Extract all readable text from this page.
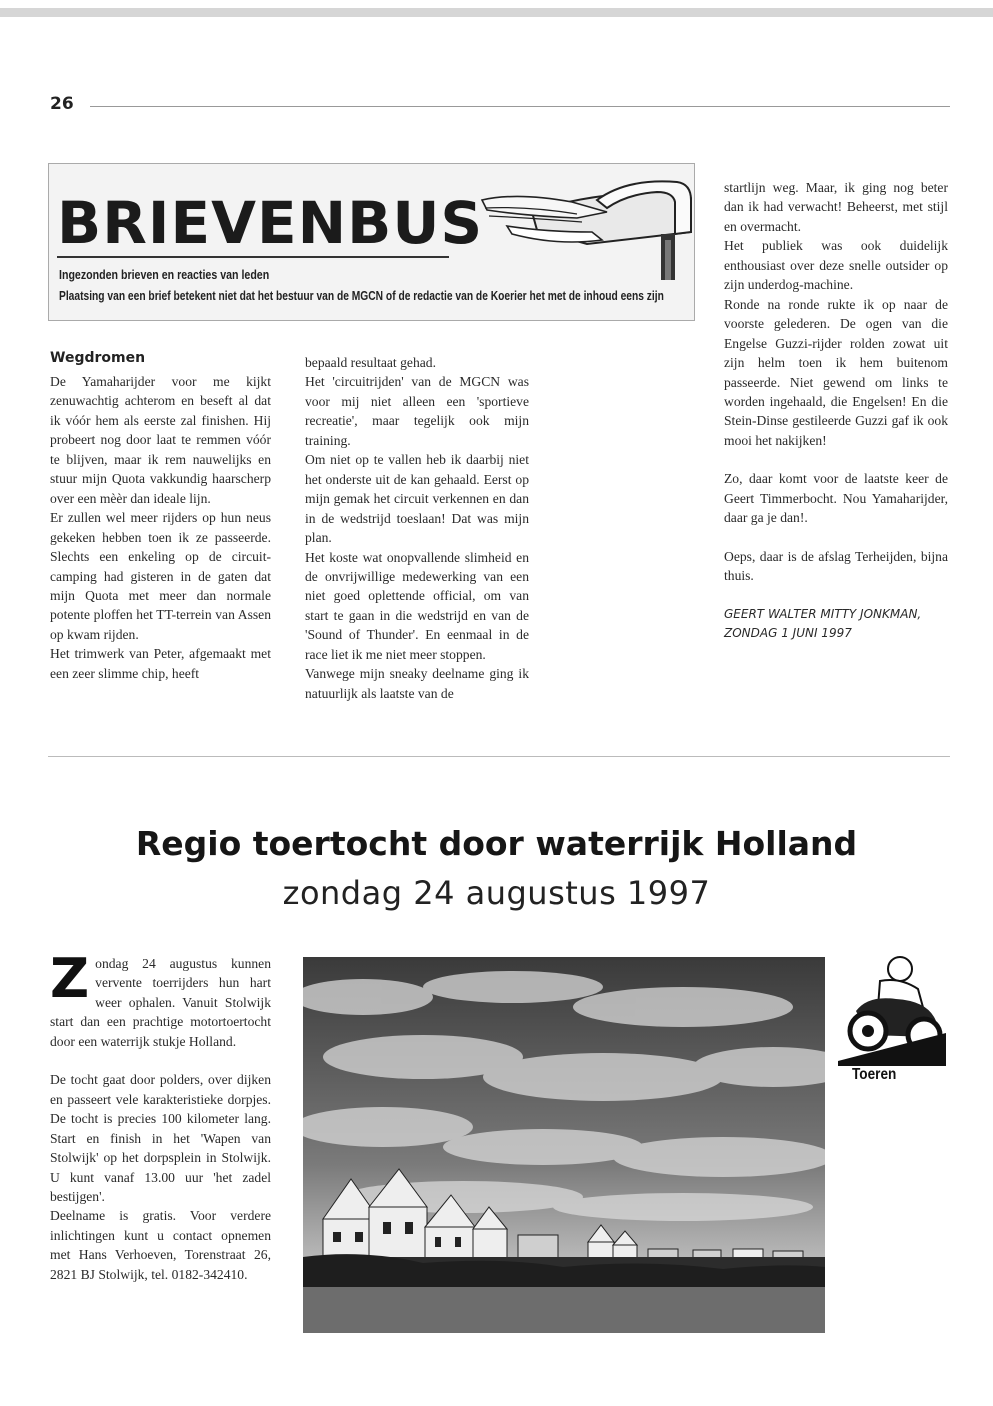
26
BRIEVENBUS
Ingezonden brieven en reacties van leden
Plaatsing van een brief betekent niet dat het bestuur van de MGCN of de redactie van de Koerier het met de inhoud eens zijn
Wegdromen

De Yamaharijder voor me kijkt zenuwachtig achterom en beseft al dat ik vóór hem als eerste zal finishen. Hij probeert nog door laat te remmen vóór te blijven, maar ik rem nauwelijks en stuur mijn Quota vakkundig haarscherp over een mèèr dan ideale lijn.

Er zullen wel meer rijders op hun neus gekeken hebben toen ik ze passeerde. Slechts een enkeling op de circuit-camping had gisteren in de gaten dat mijn Quota met meer dan normale potente ploffen het TT-terrein van Assen op kwam rijden.

Het trimwerk van Peter, afgemaakt met een zeer slimme chip, heeft

bepaald resultaat gehad.

Het 'circuitrijden' van de MGCN was voor mij niet alleen een 'sportieve recreatie', maar tegelijk ook mijn training.

Om niet op te vallen heb ik daarbij niet het onderste uit de kan gehaald. Eerst op mijn gemak het circuit verkennen en dan in de wedstrijd toeslaan! Dat was mijn plan.

Het koste wat onopvallende slimheid en de onvrijwillige medewerking van een niet goed oplettende official, om van start te gaan in die wedstrijd en van de 'Sound of Thunder'. En eenmaal in de race liet ik me niet meer stoppen.

Vanwege mijn sneaky deelname ging ik natuurlijk als laatste van de

startlijn weg. Maar, ik ging nog beter dan ik had verwacht! Beheerst, met stijl en overmacht.

Het publiek was ook duidelijk enthousiast over deze snelle outsider op zijn underdog-machine.

Ronde na ronde rukte ik op naar de voorste gelederen. De ogen van die Engelse Guzzi-rijder rolden zowat uit zijn helm toen ik hem buitenom passeerde. Niet gewend om links te worden ingehaald, die Engelsen! En die Stein-Dinse gestileerde Guzzi gaf ik ook mooi het nakijken!

Zo, daar komt voor de laatste keer de Geert Timmerbocht. Nou Yamaharijder, daar ga je dan!.

Oeps, daar is de afslag Terheijden, bijna thuis.

GEERT WALTER MITTY JONKMAN, ZONDAG 1 JUNI 1997

Regio toertocht door waterrijk Holland
zondag 24 augustus 1997

Zondag 24 augustus kunnen vervente toerrijders hun hart weer ophalen. Vanuit Stolwijk start dan een prachtige motortoertocht door een waterrijk stukje Holland.

De tocht gaat door polders, over dijken en passeert vele karakteristieke dorpjes. De tocht is precies 100 kilometer lang. Start en finish in het 'Wapen van Stolwijk' op het dorpsplein in Stolwijk. U kunt vanaf 13.00 uur 'het zadel bestijgen'.

Deelname is gratis. Voor verdere inlichtingen kunt u contact opnemen met Hans Verhoeven, Torenstraat 26, 2821 BJ Stolwijk, tel. 0182-342410.

Toeren
